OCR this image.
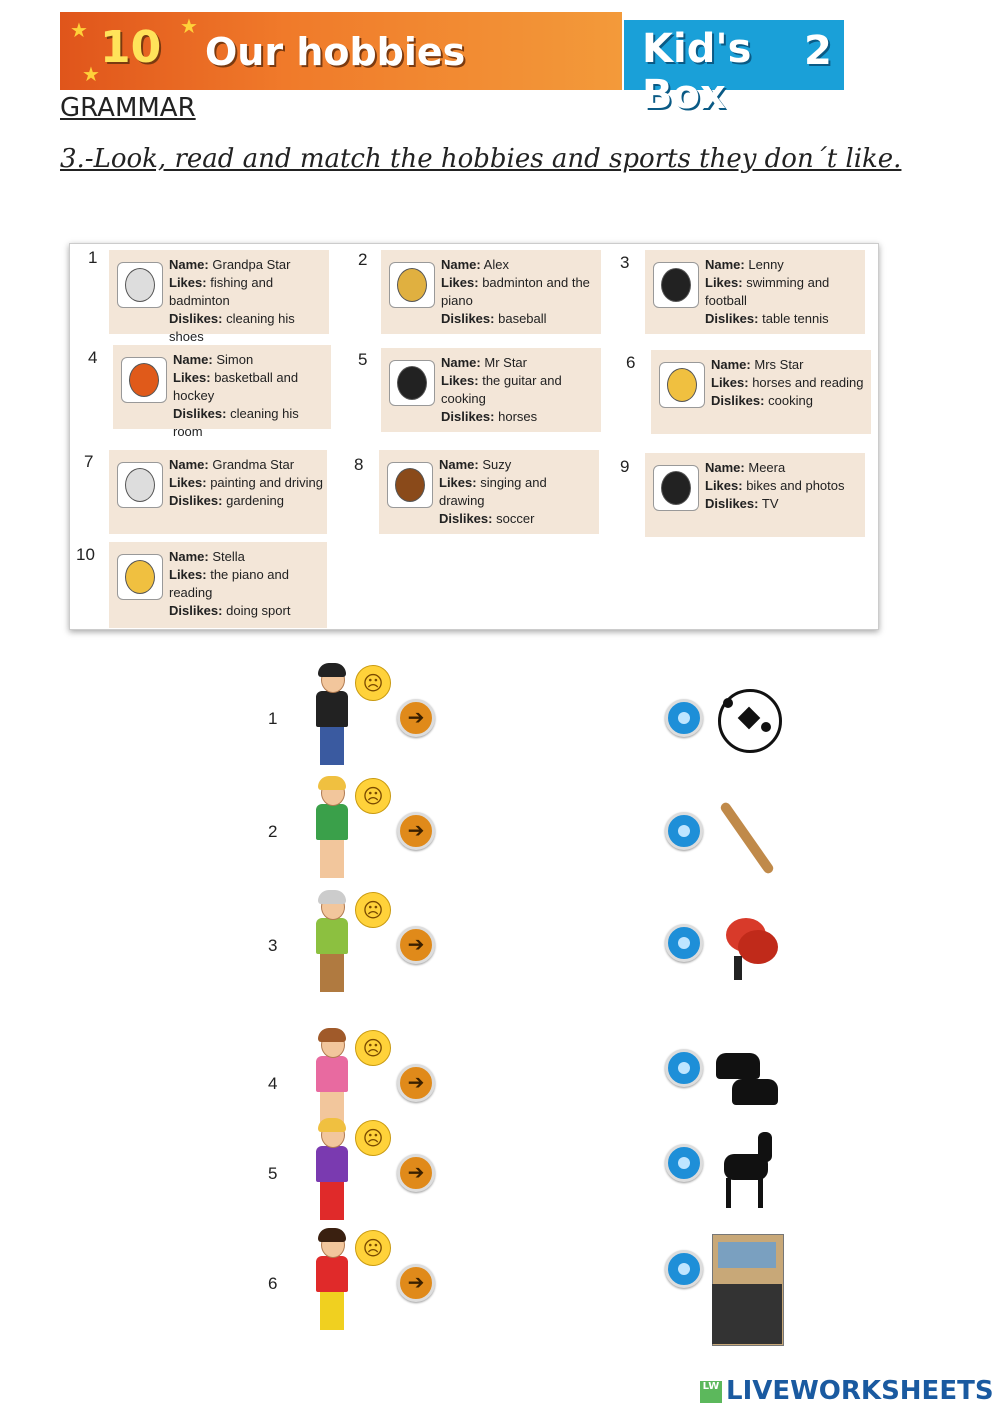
★	★
★
10 Our hobbies	Kid's Box
2
GRAMMAR
3.-Look, read and match the hobbies and sports they don´t like.
LW LIVEWORKSHEETS
1	Name: Grandpa Star
Likes: fishing and badminton
Dislikes: cleaning his shoes
2	Name: Alex
Likes: badminton and the piano
Dislikes: baseball
3	Name: Lenny
Likes: swimming and football
Dislikes: table tennis
4	Name: Simon
Likes: basketball and hockey
Dislikes: cleaning his room
5	Name: Mr Star
Likes: the guitar and cooking
Dislikes: horses
6	Name: Mrs Star
Likes: horses and reading
Dislikes: cooking
7	Name: Grandma Star
Likes: painting and driving
Dislikes: gardening
8	Name: Suzy
Likes: singing and drawing
Dislikes: soccer
9	Name: Meera
Likes: bikes and photos
Dislikes: TV
10	Name: Stella
Likes: the piano and reading
Dislikes: doing sport
1
☹
➔
2
☹
➔
3
☹
➔
4
☹
➔
5
☹
➔
6
☹
➔
